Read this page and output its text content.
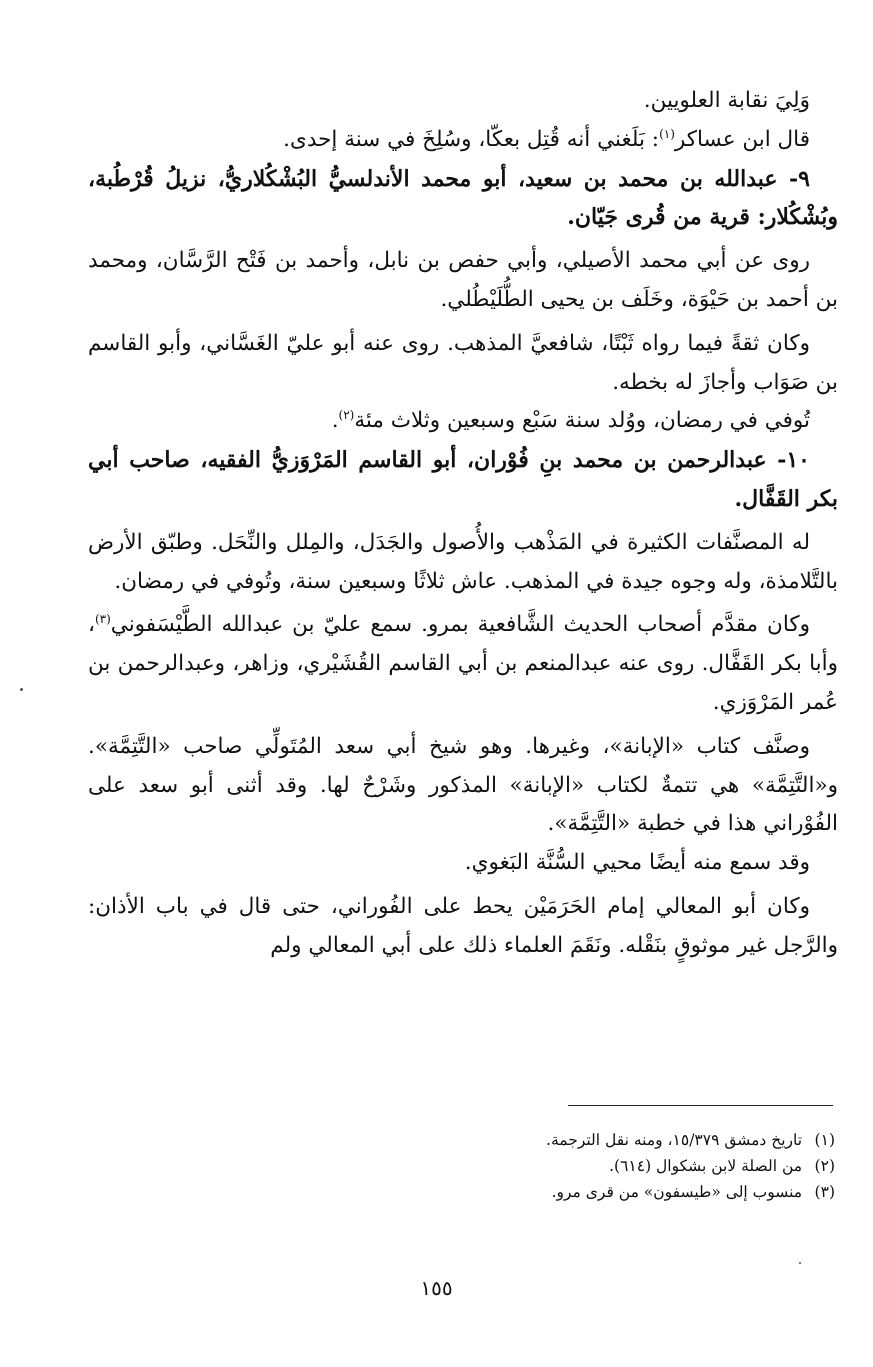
وَلِيَ نقابة العلويين.

قال ابن عساكر$^{(١)}$: بَلَغني أنه قُتِل بعكّا، وسُلِخَ في سنة إحدى.

٩- عبدالله بن محمد بن سعيد، أبو محمد الأندلسيُّ البُشْكُلاريُّ، نزيلُ قُرْطُبة، وبُشْكُلار: قرية من قُرى جَيّان.

روى عن أبي محمد الأصيلي، وأبي حفص بن نابل، وأحمد بن فَتْح الرَّسَّان، ومحمد بن أحمد بن حَيْوَة، وخَلَف بن يحيى الطُّلَيْطُلي.

وكان ثقةً فيما رواه ثَبْتًا، شافعيَّ المذهب. روى عنه أبو عليّ الغَسَّاني، وأبو القاسم بن صَوَاب وأجازَ له بخطه.

تُوفي في رمضان، ووُلد سنة سَبْع وسبعين وثلاث مئة$^{(٢)}$.

١٠- عبدالرحمن بن محمد بنِ فُوْران، أبو القاسم المَرْوَزيُّ الفقيه، صاحب أبي بكر القَفَّال.

له المصنَّفات الكثيرة في المَذْهب والأُصول والجَدَل، والمِلل والنِّحَل. وطبّق الأرض بالتَّلامذة، وله وجوه جيدة في المذهب. عاش ثلاثًا وسبعين سنة، وتُوفي في رمضان.

وكان مقدَّم أصحاب الحديث الشَّافعية بمرو. سمع عليّ بن عبدالله الطَّيْسَفوني$^{(٣)}$، وأبا بكر القَفَّال. روى عنه عبدالمنعم بن أبي القاسم القُشَيْري، وزاهر، وعبدالرحمن بن عُمر المَرْوَزي.

وصنَّف كتاب «الإبانة»، وغيرها. وهو شيخ أبي سعد المُتَولِّي صاحب «التَّتِمَّة». و«التَّتِمَّة» هي تتمةٌ لكتاب «الإبانة» المذكور وشَرْحٌ لها. وقد أثنى أبو سعد على الفُوْراني هذا في خطبة «التَّتِمَّة».

وقد سمع منه أيضًا محيي السُّنَّة البَغوي.

وكان أبو المعالي إمام الحَرَمَيْن يحط على الفُوراني، حتى قال في باب الأذان: والرَّجل غير موثوقٍ بنَقْله. ونَقَمَ العلماء ذلك على أبي المعالي ولم

(١) تاريخ دمشق ١٥/٣٧٩، ومنه نقل الترجمة.

(٢) من الصلة لابن بشكوال (٦١٤).

(٣) منسوب إلى «طيسفون» من قرى مرو.

١٥٥
